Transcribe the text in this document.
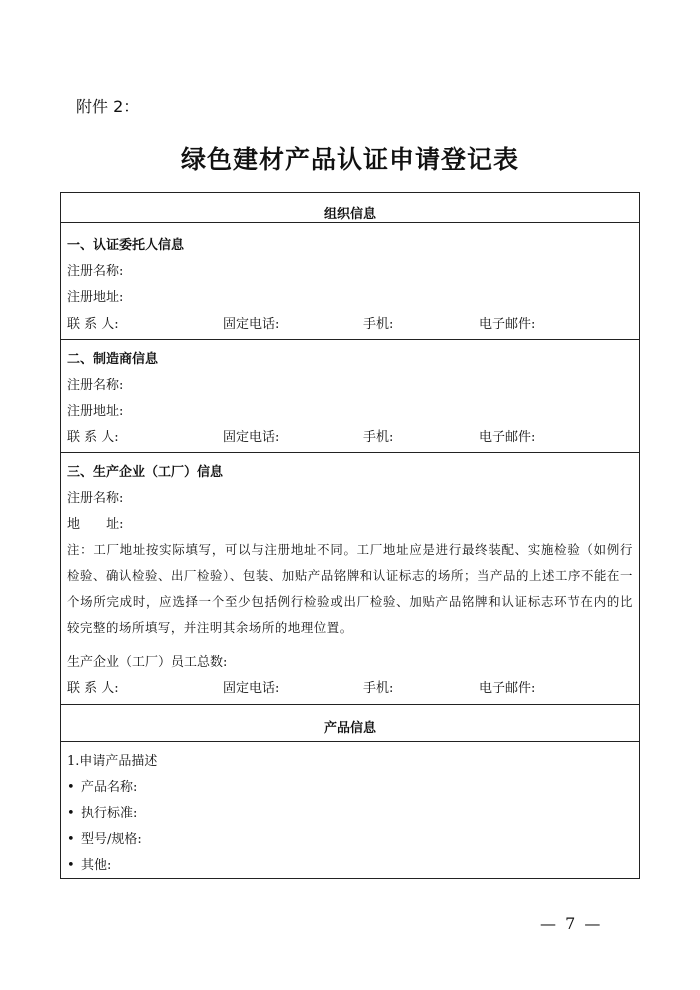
附件 2：
绿色建材产品认证申请登记表
组织信息
一、认证委托人信息
注册名称:
注册地址:
联 系 人:	固定电话:	手机:	电子邮件:
二、制造商信息
注册名称:
注册地址:
联 系 人:	固定电话:	手机:	电子邮件:
三、生产企业（工厂）信息
注册名称:
地 址:
注：工厂地址按实际填写，可以与注册地址不同。工厂地址应是进行最终装配、实施检验（如例行检验、确认检验、出厂检验）、包装、加贴产品铭牌和认证标志的场所；当产品的上述工序不能在一个场所完成时，应选择一个至少包括例行检验或出厂检验、加贴产品铭牌和认证标志环节在内的比较完整的场所填写，并注明其余场所的地理位置。
生产企业（工厂）员工总数:
联 系 人:	固定电话:	手机:	电子邮件:
产品信息
1.申请产品描述
• 产品名称:
• 执行标准:
• 型号/规格:
• 其他:
— 7 —
